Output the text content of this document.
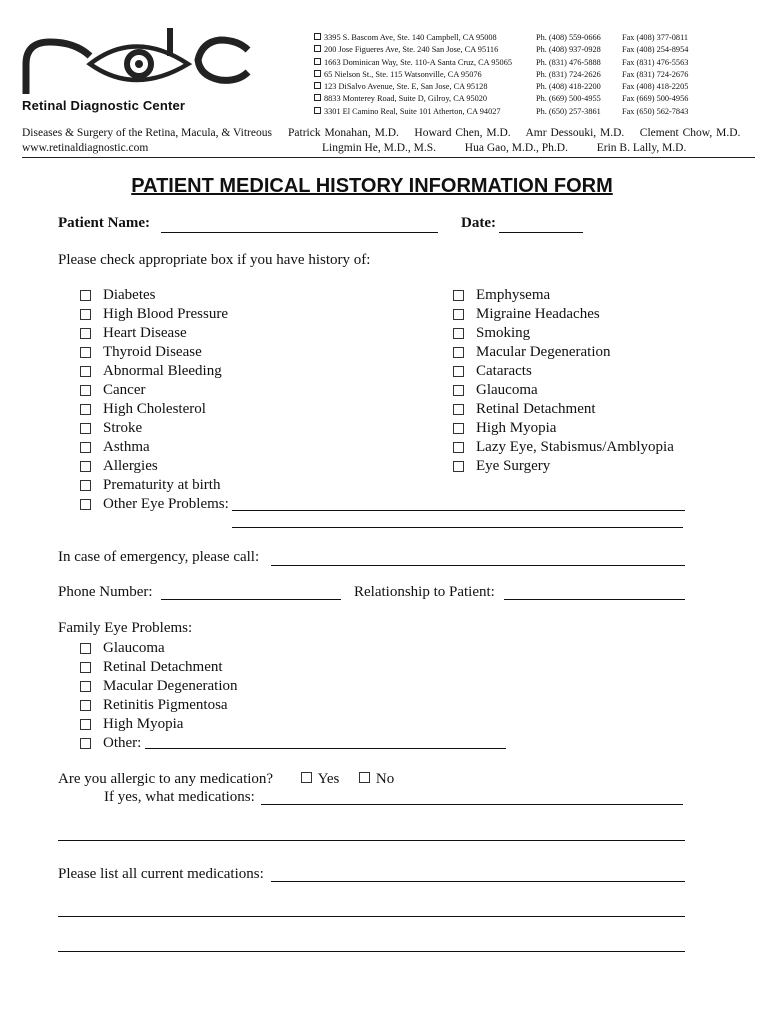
Retinal Diagnostic Center
3395 S. Bascom Ave, Ste. 140 Campbell, CA 95008	Ph. (408) 559-0666	Fax (408) 377-0811
200 Jose Figueres Ave, Ste. 240 San Jose, CA 95116	Ph. (408) 937-0928	Fax (408) 254-8954
1663 Dominican Way, Ste. 110-A Santa Cruz, CA 95065	Ph. (831) 476-5888	Fax (831) 476-5563
65 Nielson St., Ste. 115 Watsonville, CA 95076	Ph. (831) 724-2626	Fax (831) 724-2676
123 DiSalvo Avenue, Ste. E, San Jose, CA 95128	Ph. (408) 418-2200	Fax (408) 418-2205
8833 Monterey Road, Suite D, Gilroy, CA 95020	Ph. (669) 500-4955	Fax (669) 500-4956
3301 El Camino Real, Suite 101 Atherton, CA 94027	Ph. (650) 257-3861	Fax (650) 562-7843
Diseases & Surgery of the Retina, Macula, & Vitreous
www.retinaldiagnostic.com
Patrick Monahan, M.D.    Howard Chen, M.D.    Amr Dessouki, M.D.    Clement Chow, M.D.
Lingmin He, M.D., M.S.          Hua Gao, M.D., Ph.D.          Erin B. Lally, M.D.
PATIENT MEDICAL HISTORY INFORMATION FORM
Patient Name:	Date:
Please check appropriate box if you have history of:
Diabetes
High Blood Pressure
Heart Disease
Thyroid Disease
Abnormal Bleeding
Cancer
High Cholesterol
Stroke
Asthma
Allergies
Prematurity at birth
Other Eye Problems:
Emphysema
Migraine Headaches
Smoking
Macular Degeneration
Cataracts
Glaucoma
Retinal Detachment
High Myopia
Lazy Eye, Stabismus/Amblyopia
Eye Surgery
In case of emergency, please call:
Phone Number:	Relationship to Patient:
Family Eye Problems:
Glaucoma
Retinal Detachment
Macular Degeneration
Retinitis Pigmentosa
High Myopia
Other:
Are you allergic to any medication?	Yes No
If yes, what medications:
Please list all current medications:
